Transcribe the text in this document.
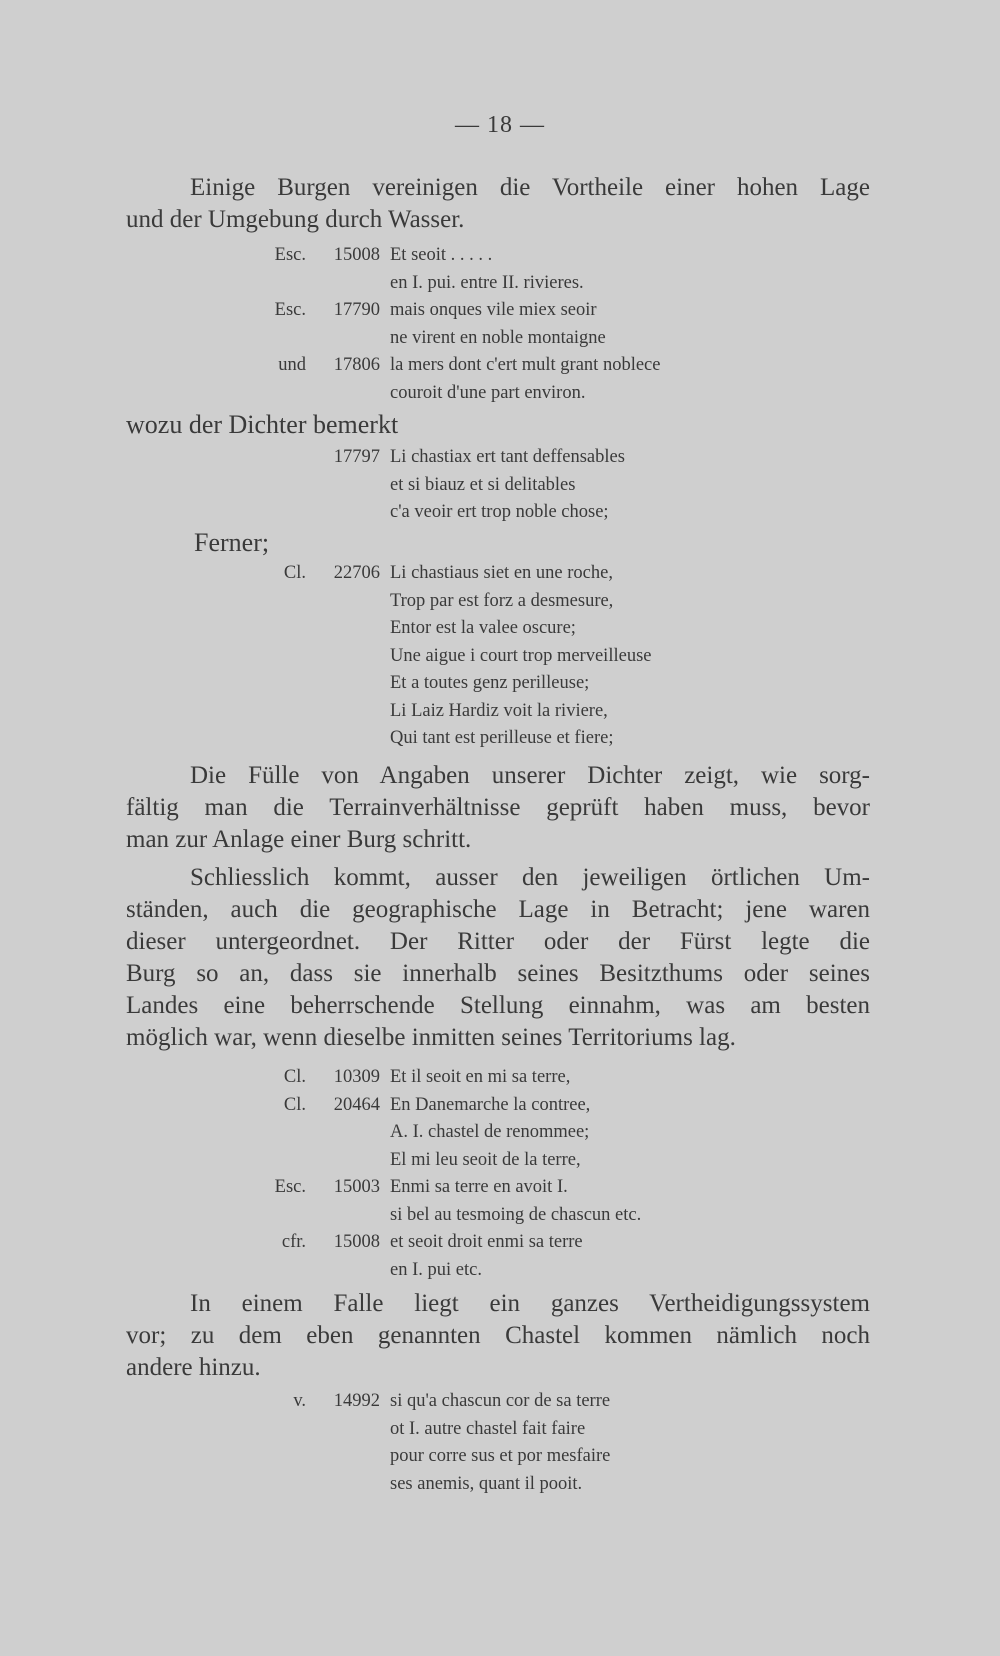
— 18 —

Einige Burgen vereinigen die Vortheile einer hohen Lage

und der Umgebung durch Wasser.

Esc.	15008 Et seoit . . . . .
en I. pui. entre II. rivieres.
Esc.	17790 mais onques vile miex seoir
ne virent en noble montaigne
und	17806 la mers dont c'ert mult grant noblece
couroit d'une part environ.
wozu der Dichter bemerkt
17797 Li chastiax ert tant deffensables
et si biauz et si delitables
c'a veoir ert trop noble chose;
Ferner;
Cl.	22706 Li chastiaus siet en une roche,
Trop par est forz a desmesure,
Entor est la valee oscure;
Une aigue i court trop merveilleuse
Et a toutes genz perilleuse;
Li Laiz Hardiz voit la riviere,
Qui tant est perilleuse et fiere;

Die Fülle von Angaben unserer Dichter zeigt, wie sorg-

fältig man die Terrainverhältnisse geprüft haben muss, bevor

man zur Anlage einer Burg schritt.

Schliesslich kommt, ausser den jeweiligen örtlichen Um-

ständen, auch die geographische Lage in Betracht; jene waren

dieser untergeordnet. Der Ritter oder der Fürst legte die

Burg so an, dass sie innerhalb seines Besitzthums oder seines

Landes eine beherrschende Stellung einnahm, was am besten

möglich war, wenn dieselbe inmitten seines Territoriums lag.

Cl.	10309 Et il seoit en mi sa terre,
Cl.	20464 En Danemarche la contree,
A. I. chastel de renommee;
El mi leu seoit de la terre,
Esc.	15003 Enmi sa terre en avoit I.
si bel au tesmoing de chascun etc.
cfr.	15008 et seoit droit enmi sa terre
en I. pui etc.

In einem Falle liegt ein ganzes Vertheidigungssystem

vor; zu dem eben genannten Chastel kommen nämlich noch

andere hinzu.

v.	14992 si qu'a chascun cor de sa terre
ot I. autre chastel fait faire
pour corre sus et por mesfaire
ses anemis, quant il pooit.
